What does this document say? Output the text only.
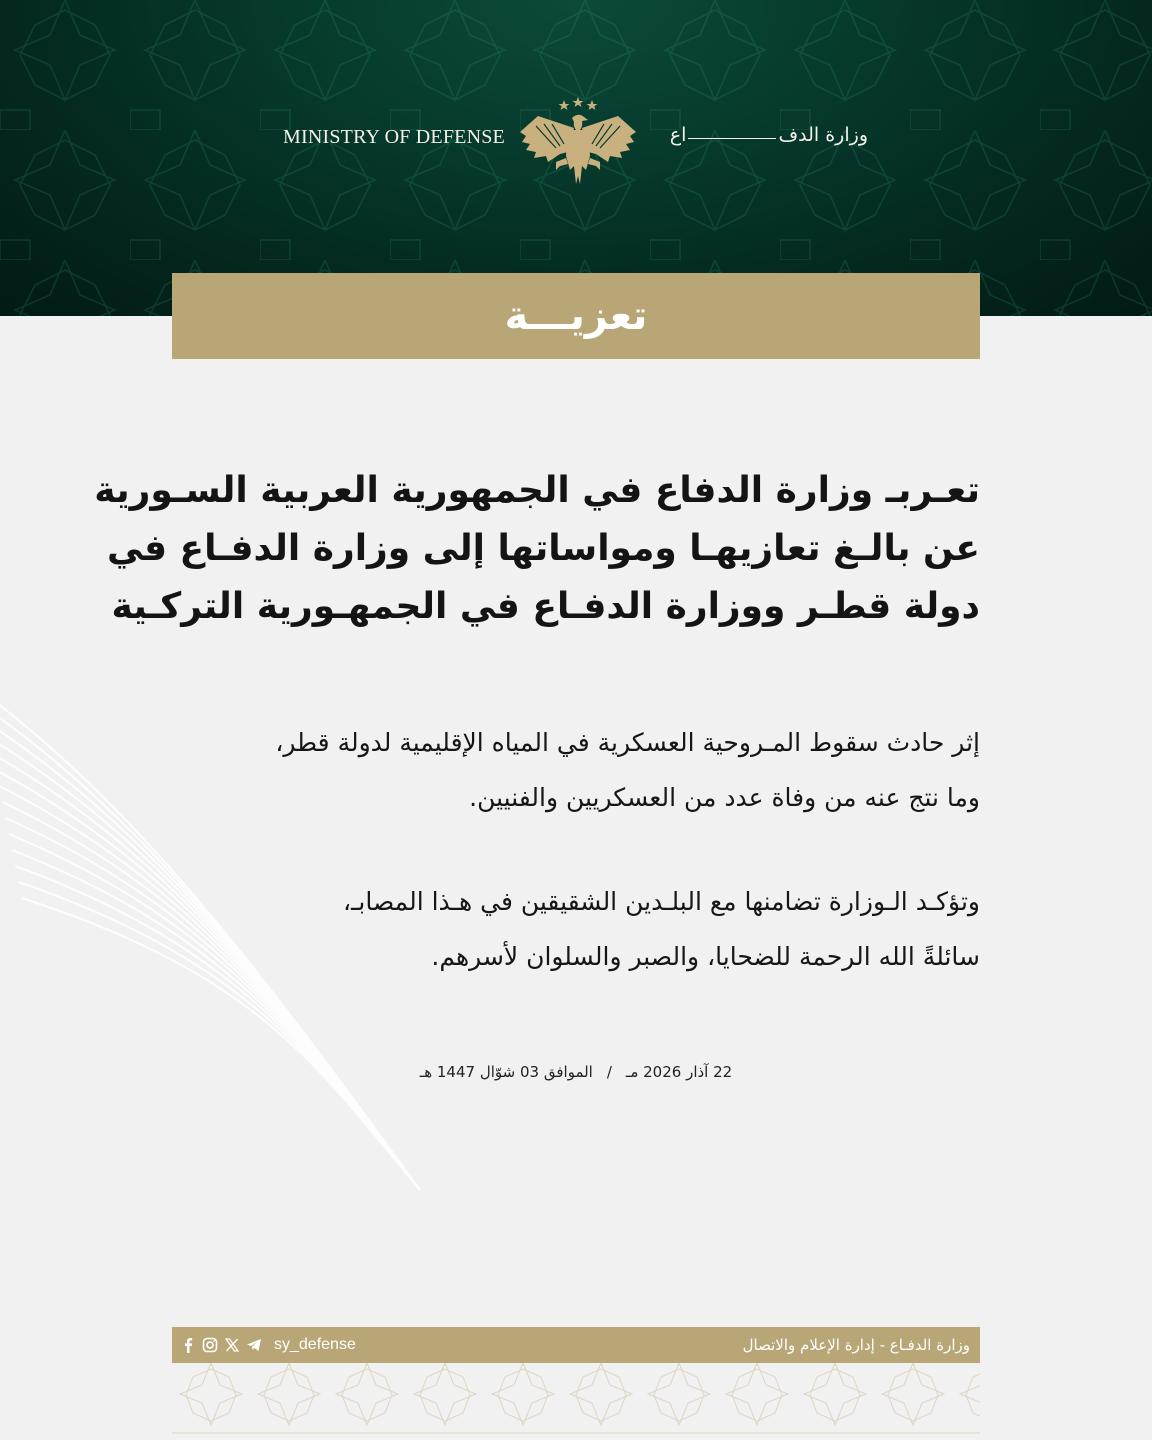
MINISTRY OF DEFENSE	وزارة الدفاع
تعزيـــة
تعـربـ وزارة الدفاع في الجمهورية العربية السـورية
عن بالـغ تعازيهـا ومواساتها إلى وزارة الدفـاع في
دولة قطـر ووزارة الدفـاع في الجمهـورية التركـية
إثر حادث سقوط المـروحية العسكرية في المياه الإقليمية لدولة قطر،
وما نتج عنه من وفاة عدد من العسكريين والفنيين.
وتؤكـد الـوزارة تضامنها مع البلـدين الشقيقين في هـذا المصابـ،
سائلةً الله الرحمة للضحايا، والصبر والسلوان لأسرهم.
22 آذار 2026 مـ/الموافق 03 شوّال 1447 هـ
sy_defense	وزارة الدفـاع - إدارة الإعلام والاتصال
